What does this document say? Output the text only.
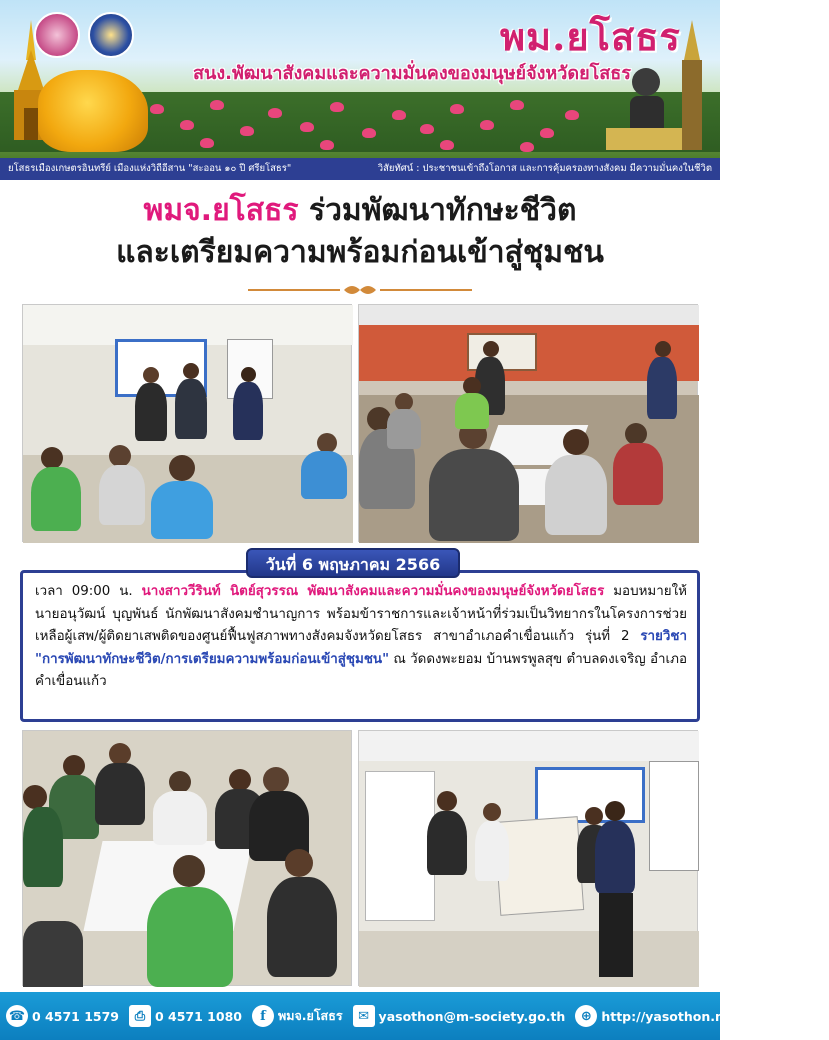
พม.ยโสธร
สนง.พัฒนาสังคมและความมั่นคงของมนุษย์จังหวัดยโสธร
ยโสธรเมืองเกษตรอินทรีย์ เมืองแห่งวิถีอีสาน "สะออน ๑๐ ปี ศรียโสธร"	วิสัยทัศน์ : ประชาชนเข้าถึงโอกาส และการคุ้มครองทางสังคม มีความมั่นคงในชีวิต
พมจ.ยโสธร ร่วมพัฒนาทักษะชีวิต
และเตรียมความพร้อมก่อนเข้าสู่ชุมชน
เวลา 09:00 น. นางสาววีรินท์ นิตย์สุวรรณ พัฒนาสังคมและความมั่นคงของมนุษย์จังหวัดยโสธร มอบหมายให้ นายอนุวัฒน์ บุญพันธ์ นักพัฒนาสังคมชำนาญการ พร้อมข้าราชการและเจ้าหน้าที่ร่วมเป็นวิทยากรในโครงการช่วยเหลือผู้เสพ/ผู้ติดยาเสพติดของศูนย์ฟื้นฟูสภาพทางสังคมจังหวัดยโสธร สาขาอำเภอคำเขื่อนแก้ว รุ่นที่ 2 รายวิชา "การพัฒนาทักษะชีวิต/การเตรียมความพร้อมก่อนเข้าสู่ชุมชน" ณ วัดดงพะยอม บ้านพรพูลสุข ตำบลดงเจริญ อำเภอคำเขื่อนแก้ว
วันที่ 6 พฤษภาคม 2566
☎ 0 4571 1579	⎙ 0 4571 1080	f พมจ.ยโสธร	✉ yasothon@m-society.go.th	⊕ http://yasothon.m-society.go.th/
